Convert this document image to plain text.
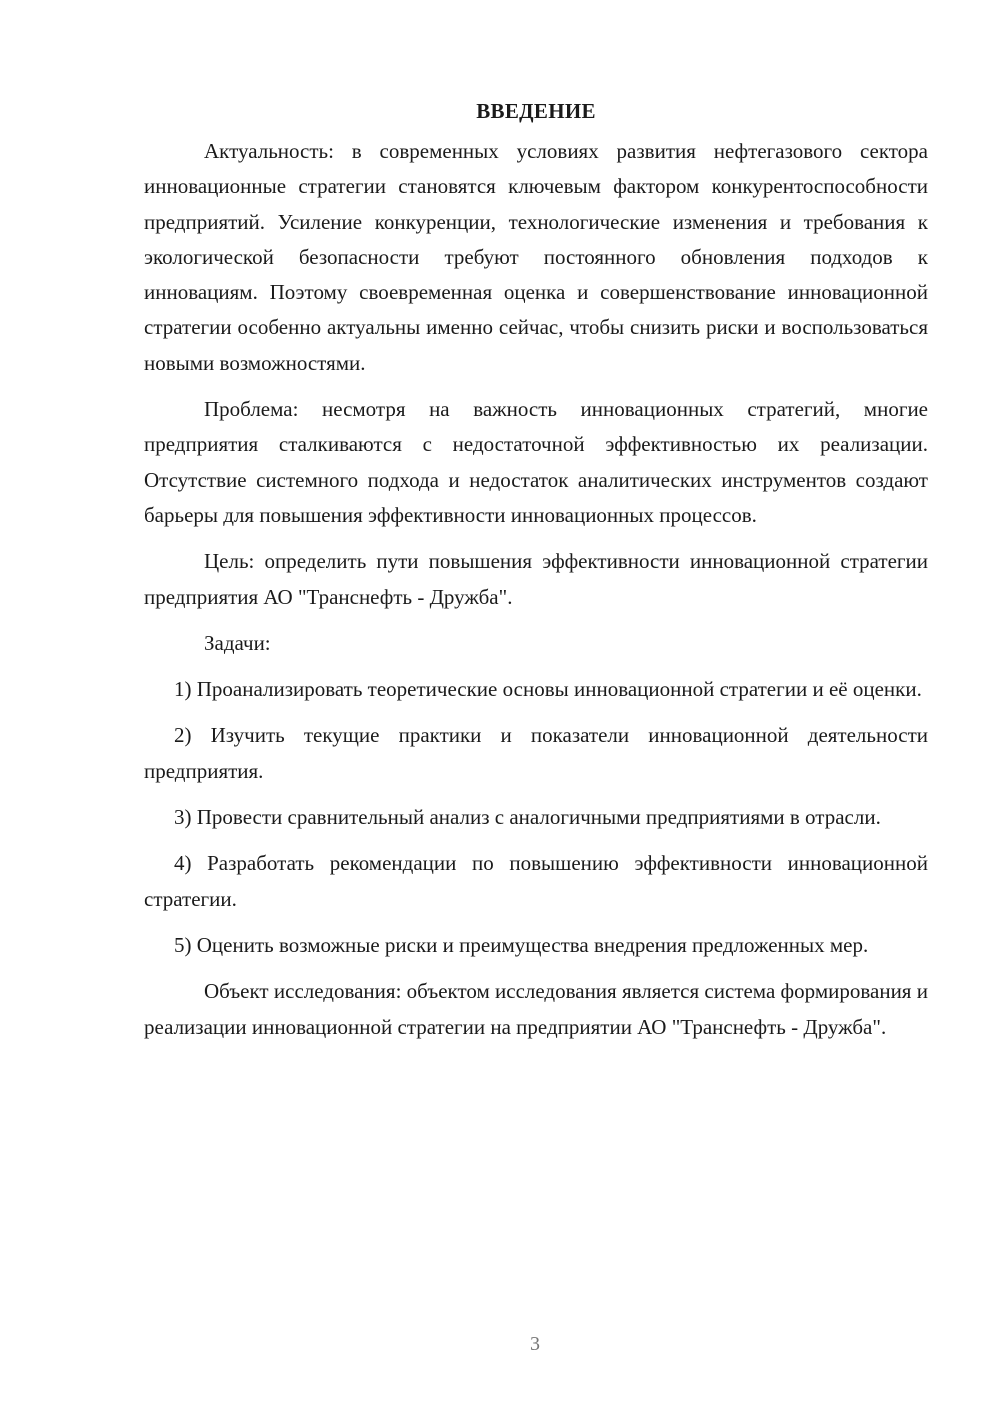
ВВЕДЕНИЕ

Актуальность: в современных условиях развития нефтегазового сектора инновационные стратегии становятся ключевым фактором конкурентоспособности предприятий. Усиление конкуренции, технологические изменения и требования к экологической безопасности требуют постоянного обновления подходов к инновациям. Поэтому своевременная оценка и совершенствование инновационной стратегии особенно актуальны именно сейчас, чтобы снизить риски и воспользоваться новыми возможностями.

Проблема: несмотря на важность инновационных стратегий, многие предприятия сталкиваются с недостаточной эффективностью их реализации. Отсутствие системного подхода и недостаток аналитических инструментов создают барьеры для повышения эффективности инновационных процессов.

Цель: определить пути повышения эффективности инновационной стратегии предприятия АО "Транснефть - Дружба".

Задачи:

1) Проанализировать теоретические основы инновационной стратегии и её оценки.

2) Изучить текущие практики и показатели инновационной деятельности предприятия.

3) Провести сравнительный анализ с аналогичными предприятиями в отрасли.

4) Разработать рекомендации по повышению эффективности инновационной стратегии.

5) Оценить возможные риски и преимущества внедрения предложенных мер.

Объект исследования: объектом исследования является система формирования и реализации инновационной стратегии на предприятии АО "Транснефть - Дружба".

3
